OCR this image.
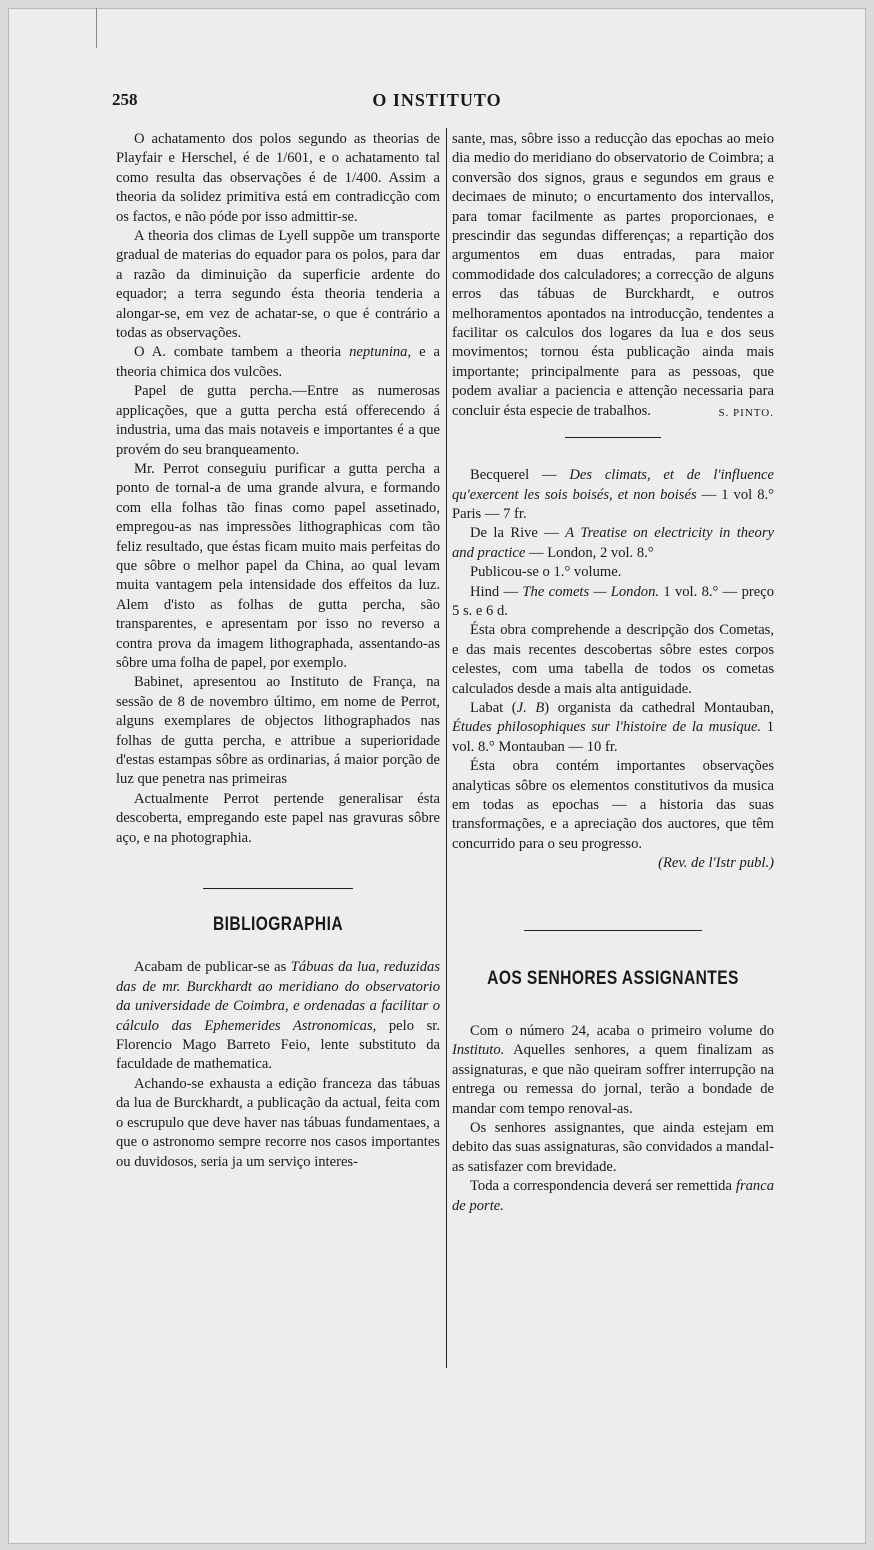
258	O INSTITUTO

O achatamento dos polos segundo as theorias de Playfair e Herschel, é de 1/601, e o achatamento tal como resulta das observações é de 1/400. Assim a theoria da solidez primitiva está em contradicção com os factos, e não póde por isso admittir-se.

A theoria dos climas de Lyell suppõe um transporte gradual de materias do equador para os polos, para dar a razão da diminuição da superficie ardente do equador; a terra segundo ésta theoria tenderia a alongar-se, em vez de achatar-se, o que é contrário a todas as observações.

O A. combate tambem a theoria neptunina, e a theoria chimica dos vulcões.

Papel de gutta percha.—Entre as numerosas applicações, que a gutta percha está offerecendo á industria, uma das mais notaveis e importantes é a que provém do seu branqueamento.

Mr. Perrot conseguiu purificar a gutta percha a ponto de tornal-a de uma grande alvura, e formando com ella folhas tão finas como papel assetinado, empregou-as nas impressões lithographicas com tão feliz resultado, que éstas ficam muito mais perfeitas do que sôbre o melhor papel da China, ao qual levam muita vantagem pela intensidade dos effeitos da luz. Alem d'isto as folhas de gutta percha, são transparentes, e apresentam por isso no reverso a contra prova da imagem lithographada, assentando-as sôbre uma folha de papel, por exemplo.

Babinet, apresentou ao Instituto de França, na sessão de 8 de novembro último, em nome de Perrot, alguns exemplares de objectos lithographados nas folhas de gutta percha, e attribue a superioridade d'estas estampas sôbre as ordinarias, á maior porção de luz que penetra nas primeiras

Actualmente Perrot pertende generalisar ésta descoberta, empregando este papel nas gravuras sôbre aço, e na photographia.

BIBLIOGRAPHIA

Acabam de publicar-se as Tábuas da lua, reduzidas das de mr. Burckhardt ao meridiano do observatorio da universidade de Coimbra, e ordenadas a facilitar o cálculo das Ephemerides Astronomicas, pelo sr. Florencio Mago Barreto Feio, lente substituto da faculdade de mathematica.

Achando-se exhausta a edição franceza das tábuas da lua de Burckhardt, a publicação da actual, feita com o escrupulo que deve haver nas tábuas fundamentaes, a que o astronomo sempre recorre nos casos importantes ou duvidosos, seria ja um serviço interes-

sante, mas, sôbre isso a reducção das epochas ao meio dia medio do meridiano do observatorio de Coimbra; a conversão dos signos, graus e segundos em graus e decimaes de minuto; o encurtamento dos intervallos, para tomar facilmente as partes proporcionaes, e prescindir das segundas differenças; a repartição dos argumentos em duas entradas, para maior commodidade dos calculadores; a correcção de alguns erros das tábuas de Burckhardt, e outros melhoramentos apontados na introducção, tendentes a facilitar os calculos dos logares da lua e dos seus movimentos; tornou ésta publicação ainda mais importante; principalmente para as pessoas, que podem avaliar a paciencia e attenção necessaria para concluir ésta especie de trabalhos.	S. PINTO.

Becquerel — Des climats, et de l'influence qu'exercent les sois boisés, et non boisés — 1 vol 8.° Paris — 7 fr.

De la Rive — A Treatise on electricity in theory and practice — London, 2 vol. 8.°

Publicou-se o 1.° volume.

Hind — The comets — London. 1 vol. 8.° — preço 5 s. e 6 d.

Ésta obra comprehende a descripção dos Cometas, e das mais recentes descobertas sôbre estes corpos celestes, com uma tabella de todos os cometas calculados desde a mais alta antiguidade.

Labat (J. B) organista da cathedral Montauban, Études philosophiques sur l'histoire de la musique. 1 vol. 8.° Montauban — 10 fr.

Ésta obra contém importantes observações analyticas sôbre os elementos constitutivos da musica em todas as epochas — a historia das suas transformações, e a apreciação dos auctores, que têm concurrido para o seu progresso.

(Rev. de l'Istr publ.)
AOS SENHORES ASSIGNANTES

Com o número 24, acaba o primeiro volume do Instituto. Aquelles senhores, a quem finalizam as assignaturas, e que não queiram soffrer interrupção na entrega ou remessa do jornal, terão a bondade de mandar com tempo renoval-as.

Os senhores assignantes, que ainda estejam em debito das suas assignaturas, são convidados a mandal-as satisfazer com brevidade.

Toda a correspondencia deverá ser remettida franca de porte.
